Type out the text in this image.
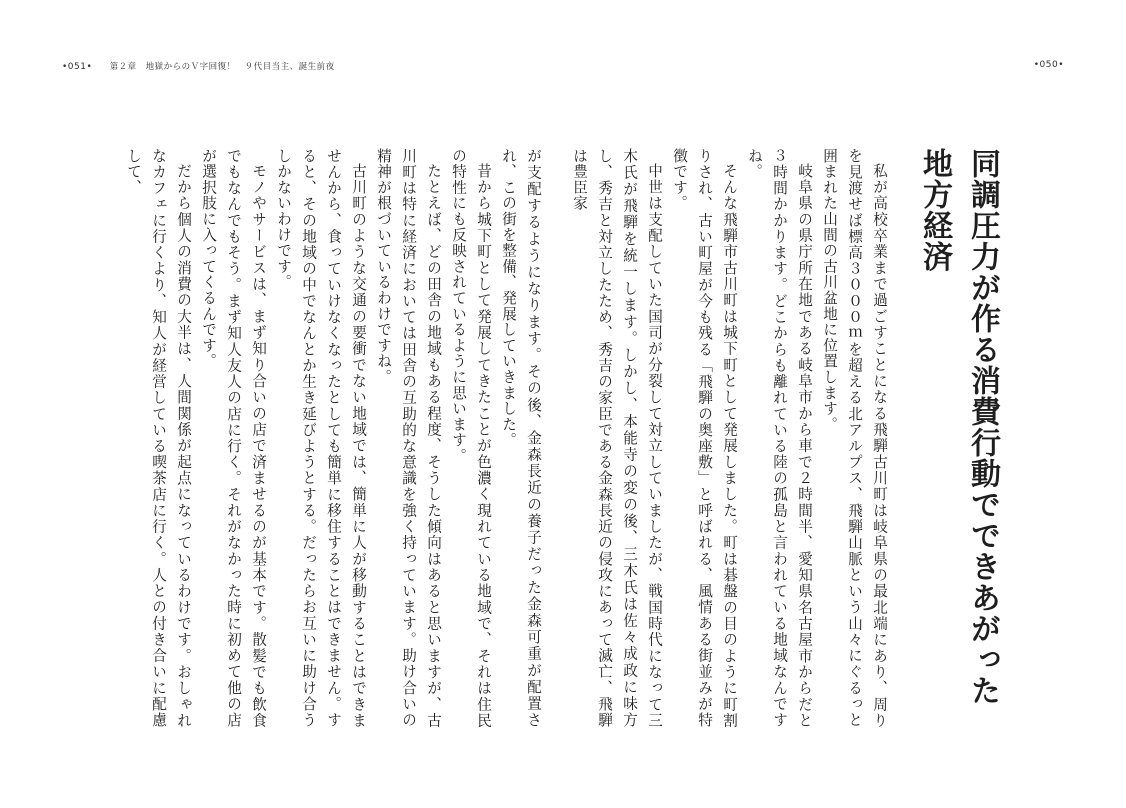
•051• 第２章　地獄からのＶ字回復！　９代目当主、誕生前夜	•050•
同調圧力が作る消費行動でできあがった地方経済

私が高校卒業まで過ごすことになる飛騨古川町は岐阜県の最北端にあり、周りを見渡せば標高３０００ｍを超える北アルプス、飛騨山脈という山々にぐるっと囲まれた山間の古川盆地に位置します。

岐阜県の県庁所在地である岐阜市から車で２時間半、愛知県名古屋市からだと３時間かかります。どこからも離れている陸の孤島と言われている地域なんですね。

そんな飛騨市古川町は城下町として発展しました。町は碁盤の目のように町割りされ、古い町屋が今も残る「飛騨の奥座敷」と呼ばれる、風情ある街並みが特徴です。

中世は支配していた国司が分裂して対立していましたが、戦国時代になって三木氏が飛騨を統一します。しかし、本能寺の変の後、三木氏は佐々成政に味方し、秀吉と対立したため、秀吉の家臣である金森長近の侵攻にあって滅亡、飛騨は豊臣家

が支配するようになります。その後、金森長近の養子だった金森可重が配置され、この街を整備、発展していきました。

昔から城下町として発展してきたことが色濃く現れている地域で、それは住民の特性にも反映されているように思います。

たとえば、どの田舎の地域もある程度、そうした傾向はあると思いますが、古川町は特に経済においては田舎の互助的な意識を強く持っています。助け合いの精神が根づいているわけですね。

古川町のような交通の要衝でない地域では、簡単に人が移動することはできませんから、食っていけなくなったとしても簡単に移住することはできません。すると、その地域の中でなんとか生き延びようとする。だったらお互いに助け合うしかないわけです。

モノやサービスは、まず知り合いの店で済ませるのが基本です。散髪でも飲食でもなんでもそう。まず知人友人の店に行く。それがなかった時に初めて他の店が選択肢に入ってくるんです。

だから個人の消費の大半は、人間関係が起点になっているわけです。おしゃれなカフェに行くより、知人が経営している喫茶店に行く。人との付き合いに配慮して、
